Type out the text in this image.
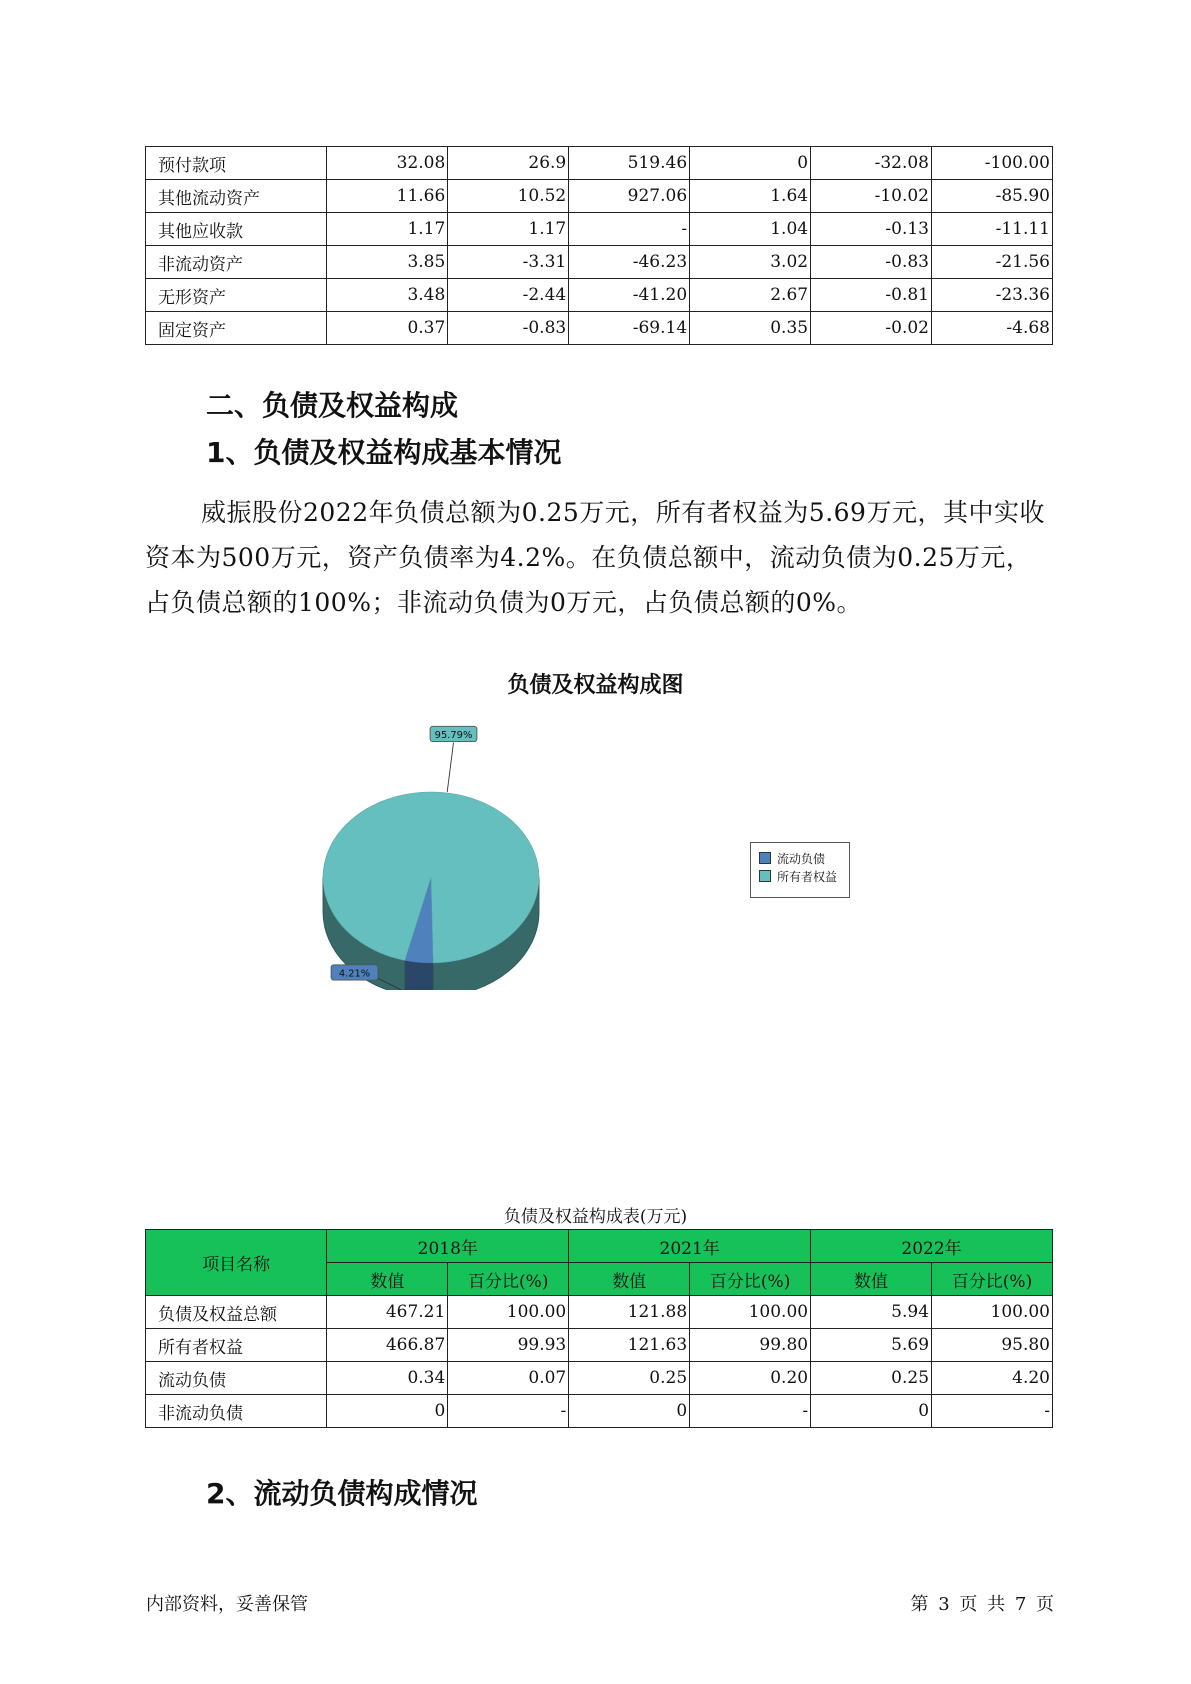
预付款项	32.08	26.9	519.46	0	-32.08	-100.00
其他流动资产	11.66	10.52	927.06	1.64	-10.02	-85.90
其他应收款	1.17	1.17	-	1.04	-0.13	-11.11
非流动资产	3.85	-3.31	-46.23	3.02	-0.83	-21.56
无形资产	3.48	-2.44	-41.20	2.67	-0.81	-23.36
固定资产	0.37	-0.83	-69.14	0.35	-0.02	-4.68
二、负债及权益构成
1、负债及权益构成基本情况

威振股份2022年负债总额为0.25万元，所有者权益为5.69万元，其中实收资本为500万元，资产负债率为4.2%。在负债总额中，流动负债为0.25万元，占负债总额的100%；非流动负债为0万元，占负债总额的0%。

负债及权益构成图
4.21%
95.79%
流动负债
所有者权益
负债及权益构成表(万元)
项目名称	2018年		2021年		2022年	
	数值	百分比(%)	数值	百分比(%)	数值	百分比(%)
负债及权益总额	467.21	100.00	121.88	100.00	5.94	100.00
所有者权益	466.87	99.93	121.63	99.80	5.69	95.80
流动负债	0.34	0.07	0.25	0.20	0.25	4.20
非流动负债	0	-	0	-	0	-
2、流动负债构成情况
内部资料，妥善保管	第 3 页 共 7 页
